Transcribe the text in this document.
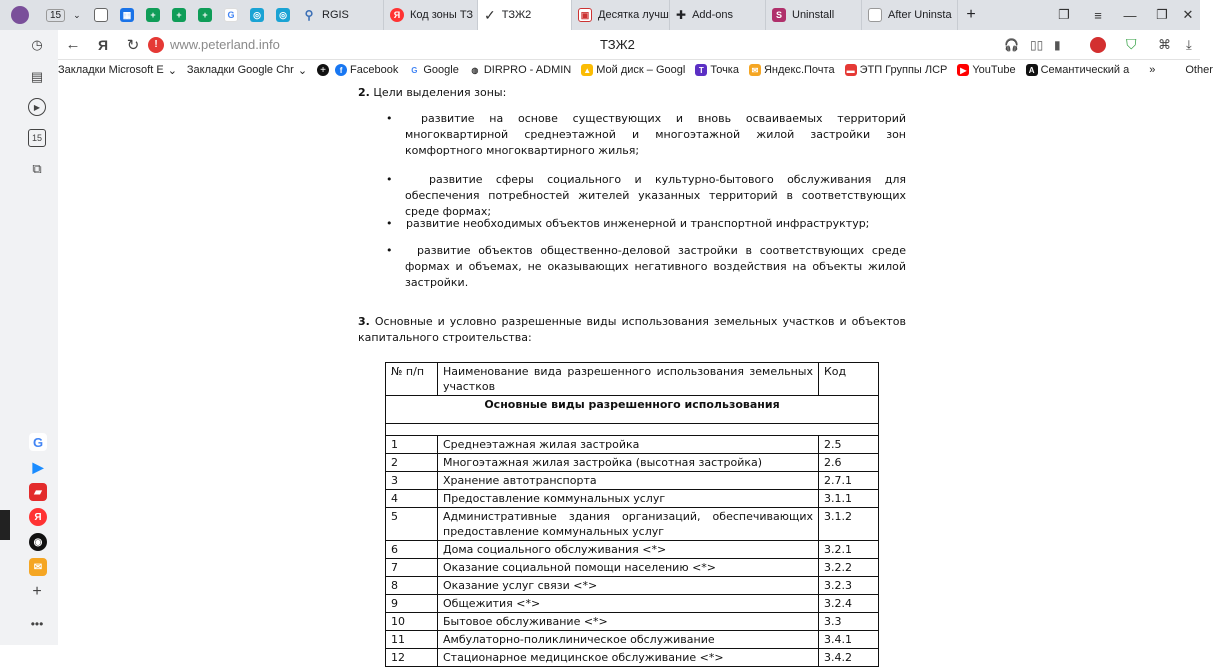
15	⌄	▦	+	+	+	G	◎	◎ ⚲ RGIS	Я Код зоны ТЗ ✓ ТЗЖ2	▣ Десятка лучш ✚ Add-ons	S Uninstall	After Uninsta +	❐ ≡ — ❐ ✕
◷
▤
▶
15
⧉
G
▶
▰
Я
◉
✉
+
•••
← Я ↻	! www.peterland.info	ТЗЖ2	🎧 ▯▯ ▮	⛉ ⌘ ⤓
Закладки Microsoft E ⌄ Закладки Google Chr ⌄	+	f Facebook	G Google	◍ DIRPRO - ADMIN ▲ Мой диск – Googl	T Точка	✉ Яндекс.Почта ▬ ЭТП Группы ЛСР	▶ YouTube	A Семантический а »	Other
2. Цели выделения зоны:
•	развитие на основе существующих и вновь осваиваемых территорий многоквартирной среднеэтажной и многоэтажной жилой застройки зон комфортного многоквартирного жилья;
•	развитие сферы социального и культурно-бытового обслуживания для обеспечения потребностей жителей указанных территорий в соответствующих среде формах;
• развитие необходимых объектов инженерной и транспортной инфраструктур;
•	развитие объектов общественно-деловой застройки в соответствующих среде формах и объемах, не оказывающих негативного воздействия на объекты жилой застройки.
3. Основные и условно разрешенные виды использования земельных участков и объектов капитального строительства:
№ п/п	Наименование вида разрешенного использования земельных участков	Код
Основные виды разрешенного использования		

1	Среднеэтажная жилая застройка	2.5
2	Многоэтажная жилая застройка (высотная застройка)	2.6
3	Хранение автотранспорта	2.7.1
4	Предоставление коммунальных услуг	3.1.1
5	Административные здания организаций, обеспечивающих предоставление коммунальных услуг	3.1.2
6	Дома социального обслуживания <*>	3.2.1
7	Оказание социальной помощи населению <*>	3.2.2
8	Оказание услуг связи <*>	3.2.3
9	Общежития <*>	3.2.4
10	Бытовое обслуживание <*>	3.3
11	Амбулаторно-поликлиническое обслуживание	3.4.1
12	Стационарное медицинское обслуживание <*>	3.4.2
